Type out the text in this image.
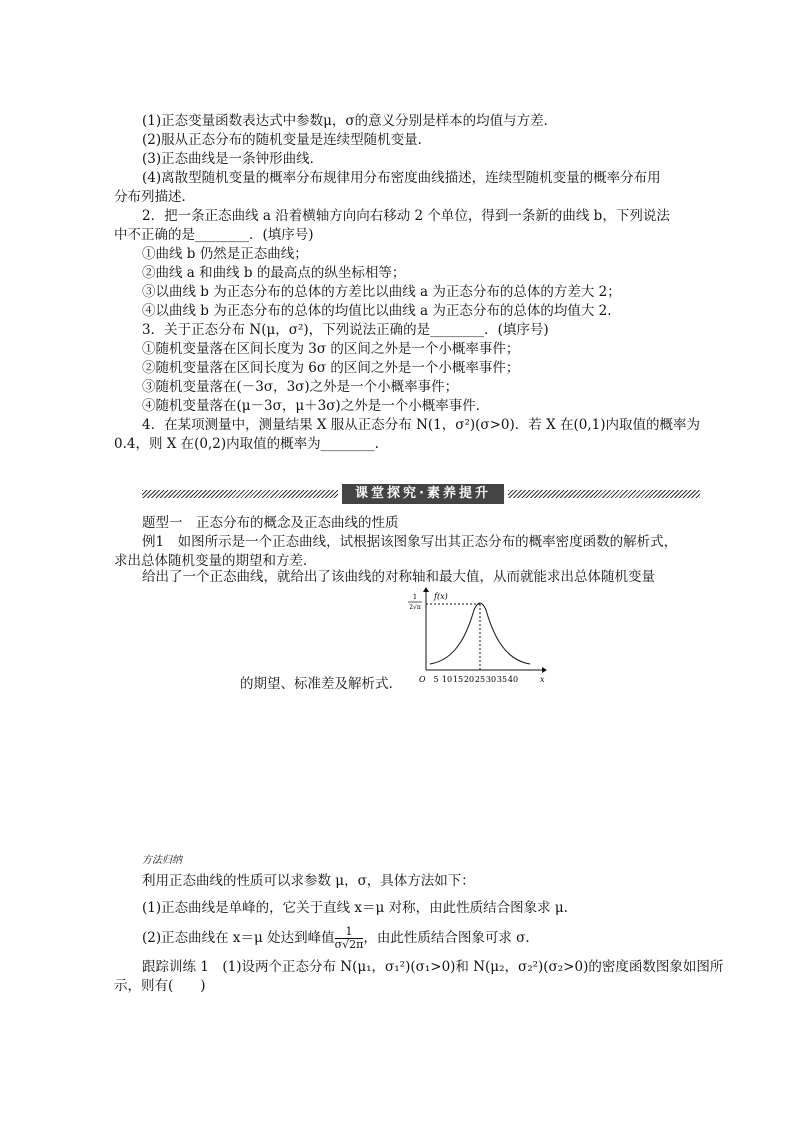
(1)正态变量函数表达式中参数μ，σ的意义分别是样本的均值与方差．
(2)服从正态分布的随机变量是连续型随机变量．
(3)正态曲线是一条钟形曲线．
(4)离散型随机变量的概率分布规律用分布密度曲线描述，连续型随机变量的概率分布用
分布列描述．
2．把一条正态曲线 a 沿着横轴方向向右移动 2 个单位，得到一条新的曲线 b，下列说法
中不正确的是________．(填序号)
①曲线 b 仍然是正态曲线；
②曲线 a 和曲线 b 的最高点的纵坐标相等；
③以曲线 b 为正态分布的总体的方差比以曲线 a 为正态分布的总体的方差大 2；
④以曲线 b 为正态分布的总体的均值比以曲线 a 为正态分布的总体的均值大 2.
3．关于正态分布 N(μ，σ²)，下列说法正确的是________．(填序号)
①随机变量落在区间长度为 3σ 的区间之外是一个小概率事件；
②随机变量落在区间长度为 6σ 的区间之外是一个小概率事件；
③随机变量落在(－3σ，3σ)之外是一个小概率事件；
④随机变量落在(μ－3σ，μ＋3σ)之外是一个小概率事件．
4．在某项测量中，测量结果 X 服从正态分布 N(1，σ²)(σ>0)．若 X 在(0,1)内取值的概率为
0.4，则 X 在(0,2)内取值的概率为________.
课堂探究·素养提升
题型一　正态分布的概念及正态曲线的性质
例1　如图所示是一个正态曲线，试根据该图象写出其正态分布的概率密度函数的解析式，
求出总体随机变量的期望和方差．
给出了一个正态曲线，就给出了该曲线的对称轴和最大值，从而就能求出总体随机变量
的期望、标准差及解析式.
f(x)
1
2√π
O	x
5 10 15 20 25 30 35 40
方法归纳
利用正态曲线的性质可以求参数 μ，σ，具体方法如下：
(1)正态曲线是单峰的，它关于直线 x＝μ 对称，由此性质结合图象求 μ.
(2)正态曲线在 x＝μ 处达到峰值 $\frac{1}{\sigma√2\pi}$ ，由此性质结合图象可求 σ.
跟踪训练 1　(1)设两个正态分布 N(μ₁，σ₁²)(σ₁>0)和 N(μ₂，σ₂²)(σ₂>0)的密度函数图象如图所
示，则有(　　)
